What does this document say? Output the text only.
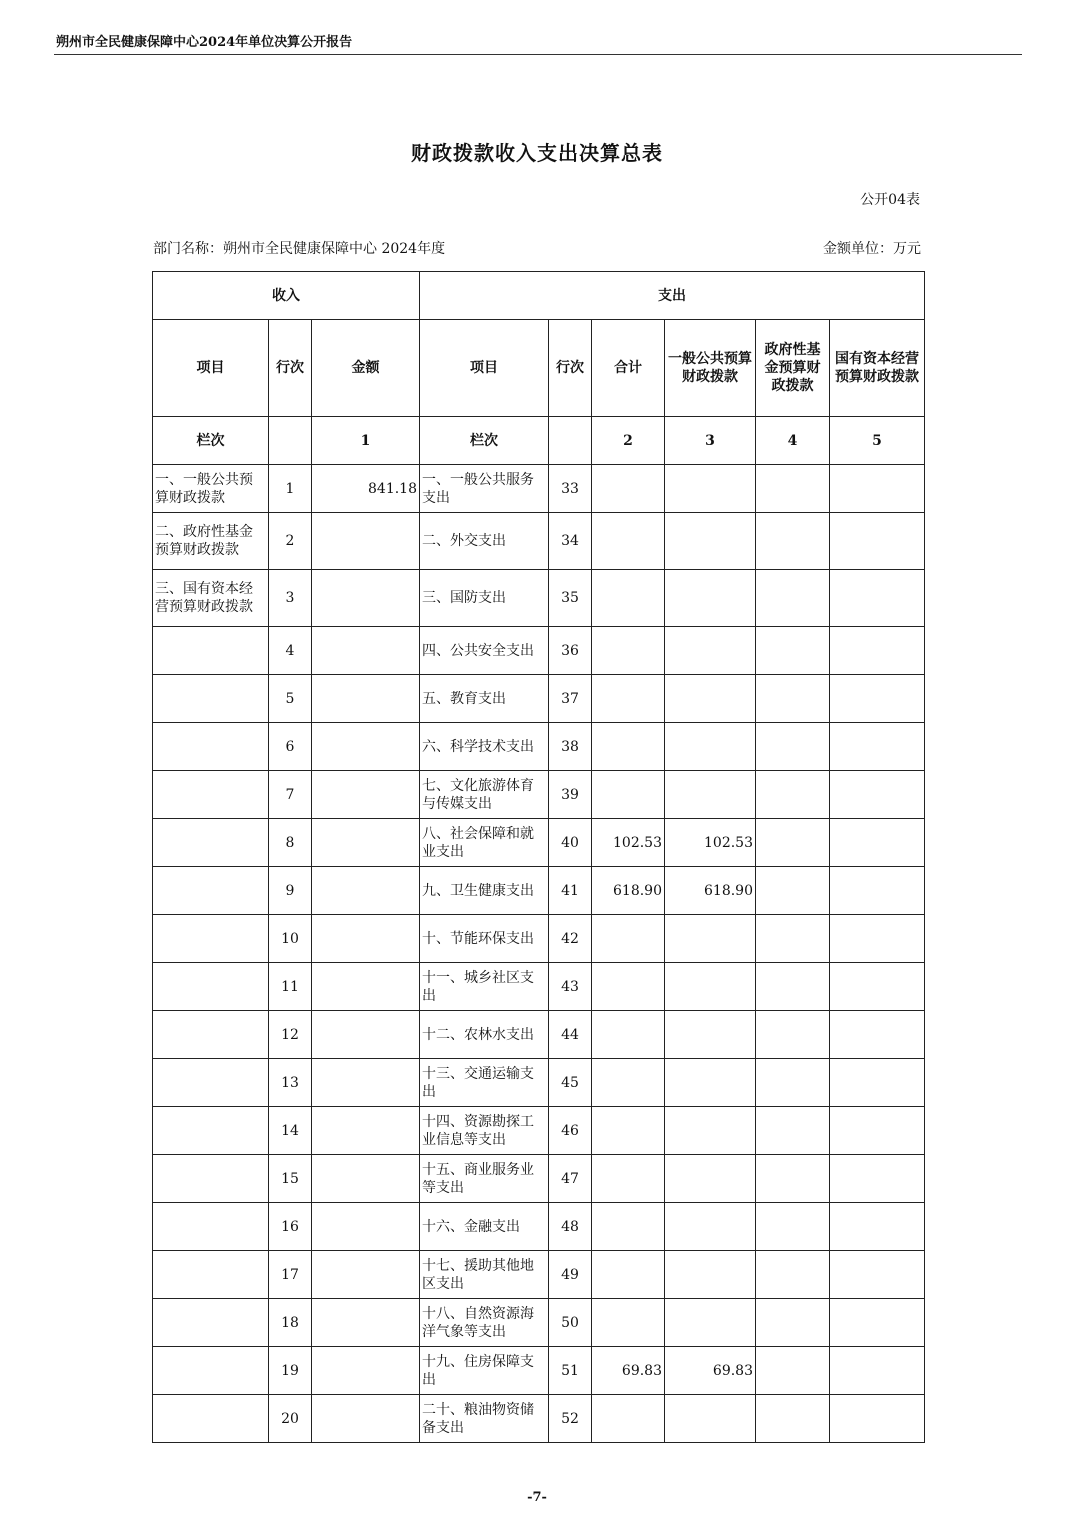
朔州市全民健康保障中心2024年单位决算公开报告
财政拨款收入支出决算总表
公开04表
部门名称：朔州市全民健康保障中心 2024年度	金额单位：万元
收入			支出					
项目	行次	金额	项目	行次	合计	一般公共预算财政拨款	政府性基金预算财政拨款	国有资本经营预算财政拨款
栏次		1	栏次		2	3	4	5
一、一般公共预算财政拨款	1	841.18	一、一般公共服务支出	33				
二、政府性基金预算财政拨款	2		二、外交支出	34				
三、国有资本经营预算财政拨款	3		三、国防支出	35				
	4		四、公共安全支出	36				
	5		五、教育支出	37				
	6		六、科学技术支出	38				
	7		七、文化旅游体育与传媒支出	39				
	8		八、社会保障和就业支出	40	102.53	102.53		
	9		九、卫生健康支出	41	618.90	618.90		
	10		十、节能环保支出	42				
	11		十一、城乡社区支出	43				
	12		十二、农林水支出	44				
	13		十三、交通运输支出	45				
	14		十四、资源勘探工业信息等支出	46				
	15		十五、商业服务业等支出	47				
	16		十六、金融支出	48				
	17		十七、援助其他地区支出	49				
	18		十八、自然资源海洋气象等支出	50				
	19		十九、住房保障支出	51	69.83	69.83		
	20		二十、粮油物资储备支出	52				
-7-
